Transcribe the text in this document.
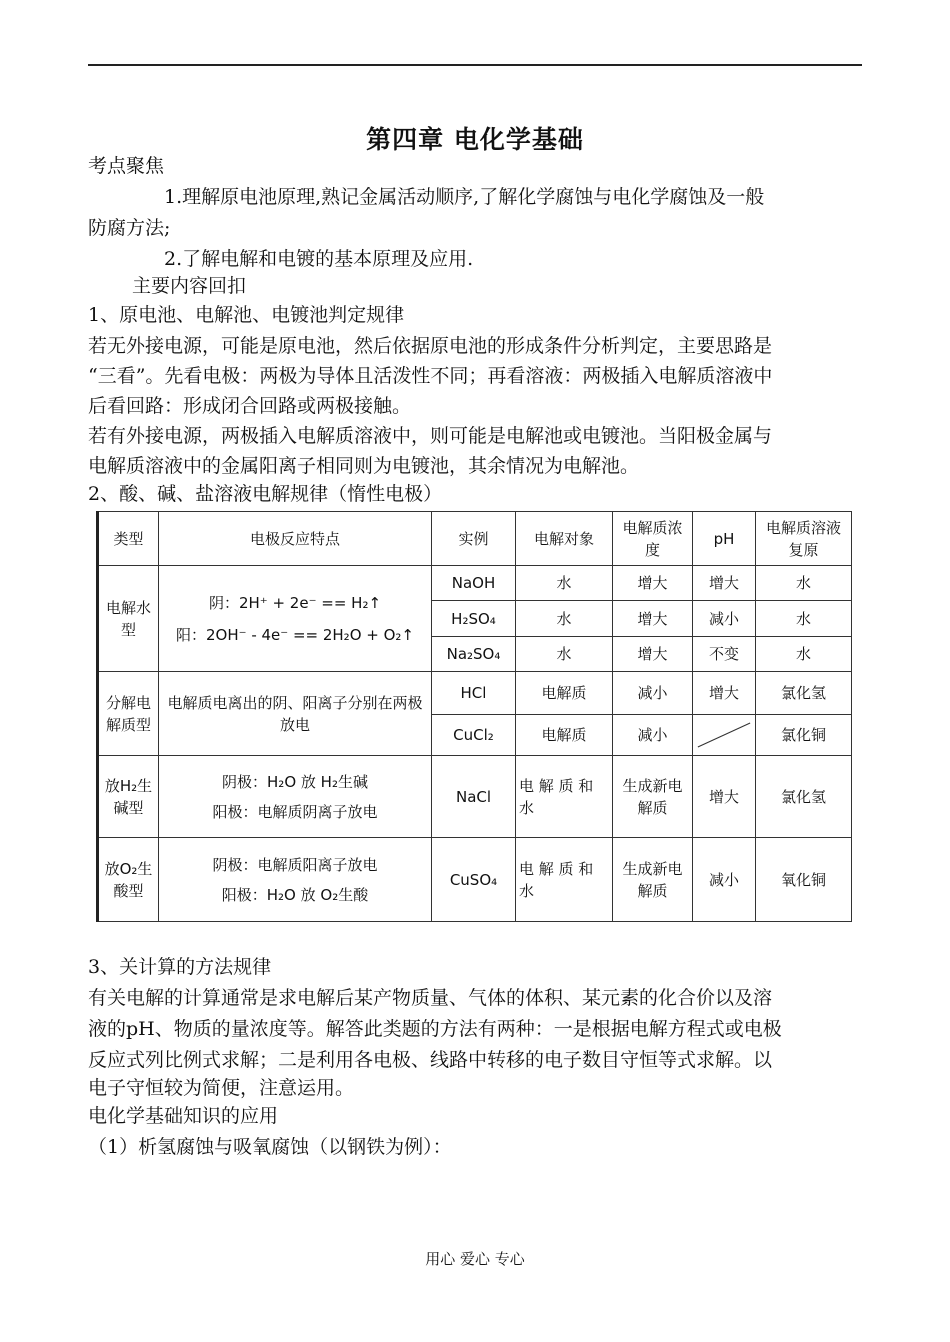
第四章 电化学基础
考点聚焦
1.理解原电池原理,熟记金属活动顺序,了解化学腐蚀与电化学腐蚀及一般
防腐方法;
2.了解电解和电镀的基本原理及应用.
主要内容回扣
1、原电池、电解池、电镀池判定规律
若无外接电源，可能是原电池，然后依据原电池的形成条件分析判定，主要思路是
“三看”。先看电极：两极为导体且活泼性不同；再看溶液：两极插入电解质溶液中
后看回路：形成闭合回路或两极接触。
若有外接电源，两极插入电解质溶液中，则可能是电解池或电镀池。当阳极金属与
电解质溶液中的金属阳离子相同则为电镀池，其余情况为电解池。
2、酸、碱、盐溶液电解规律（惰性电极）
类型	电极反应特点	实例	电解对象	电解质浓度	pH	电解质溶液复原
电解水型	阴：2H⁺ + 2e⁻ == H₂↑
阳：2OH⁻ - 4e⁻ == 2H₂O + O₂↑	NaOH	水	增大	增大	水
		H₂SO₄	水	增大	减小	水
		Na₂SO₄	水	增大	不变	水
分解电解质型	电解质电离出的阴、阳离子分别在两极放电	HCl	电解质	减小	增大	氯化氢
		CuCl₂	电解质	减小		氯化铜
放H₂生碱型	阴极：H₂O 放 H₂生碱
阳极：电解质阴离子放电	NaCl	电 解 质 和 水	生成新电解质	增大	氯化氢
放O₂生酸型	阴极：电解质阳离子放电
阳极：H₂O 放 O₂生酸	CuSO₄	电 解 质 和 水	生成新电解质	减小	氧化铜
3、关计算的方法规律
有关电解的计算通常是求电解后某产物质量、气体的体积、某元素的化合价以及溶
液的pH、物质的量浓度等。解答此类题的方法有两种：一是根据电解方程式或电极
反应式列比例式求解；二是利用各电极、线路中转移的电子数目守恒等式求解。以
电子守恒较为简便，注意运用。
电化学基础知识的应用
（1）析氢腐蚀与吸氧腐蚀（以钢铁为例）：
用心 爱心 专心
